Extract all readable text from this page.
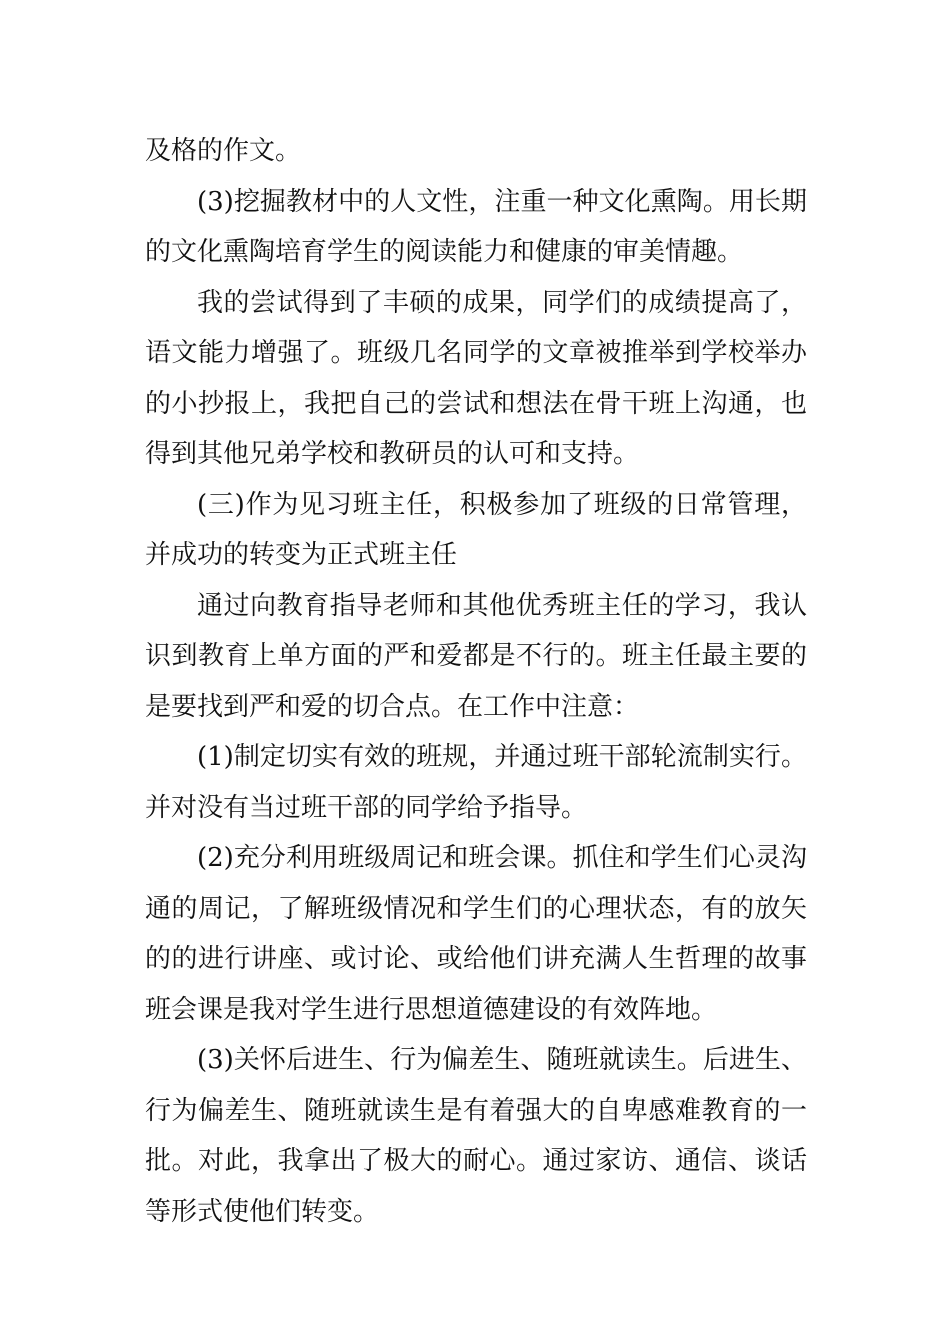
及格的作文。

(3)挖掘教材中的人文性，注重一种文化熏陶。用长期的文化熏陶培育学生的阅读能力和健康的审美情趣。

我的尝试得到了丰硕的成果，同学们的成绩提高了，语文能力增强了。班级几名同学的文章被推举到学校举办的小抄报上，我把自己的尝试和想法在骨干班上沟通，也得到其他兄弟学校和教研员的认可和支持。

(三)作为见习班主任，积极参加了班级的日常管理，并成功的转变为正式班主任

通过向教育指导老师和其他优秀班主任的学习，我认识到教育上单方面的严和爱都是不行的。班主任最主要的是要找到严和爱的切合点。在工作中注意：

(1)制定切实有效的班规，并通过班干部轮流制实行。并对没有当过班干部的同学给予指导。

(2)充分利用班级周记和班会课。抓住和学生们心灵沟通的周记，了解班级情况和学生们的心理状态，有的放矢的的进行讲座、或讨论、或给他们讲充满人生哲理的故事班会课是我对学生进行思想道德建设的有效阵地。

(3)关怀后进生、行为偏差生、随班就读生。后进生、行为偏差生、随班就读生是有着强大的自卑感难教育的一批。对此，我拿出了极大的耐心。通过家访、通信、谈话等形式使他们转变。
